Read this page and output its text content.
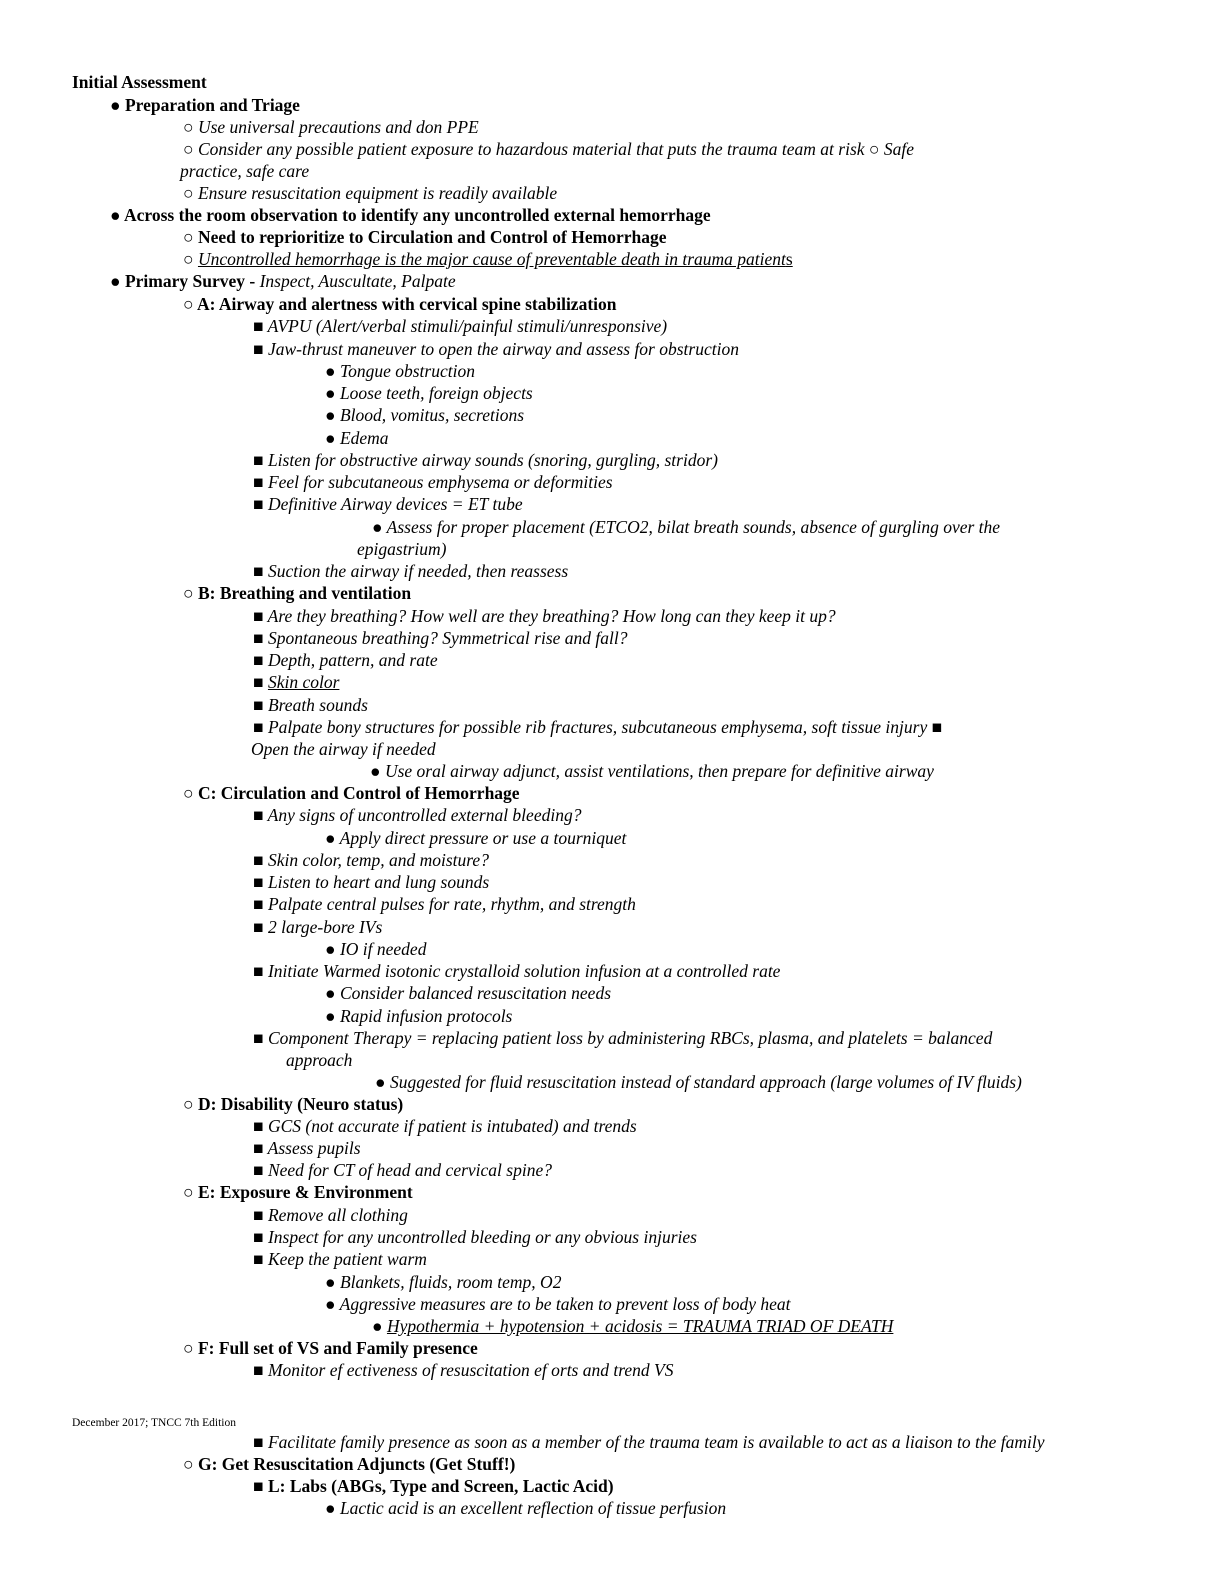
Initial Assessment
● Preparation and Triage
○ Use universal precautions and don PPE
○ Consider any possible patient exposure to hazardous material that puts the trauma team at risk ○ Safe
practice, safe care
○ Ensure resuscitation equipment is readily available
● Across the room observation to identify any uncontrolled external hemorrhage
○ Need to reprioritize to Circulation and Control of Hemorrhage
○ Uncontrolled hemorrhage is the major cause of preventable death in trauma patients
● Primary Survey - Inspect, Auscultate, Palpate
○ A: Airway and alertness with cervical spine stabilization
■ AVPU (Alert/verbal stimuli/painful stimuli/unresponsive)
■ Jaw-thrust maneuver to open the airway and assess for obstruction
● Tongue obstruction
● Loose teeth, foreign objects
● Blood, vomitus, secretions
● Edema
■ Listen for obstructive airway sounds (snoring, gurgling, stridor)
■ Feel for subcutaneous emphysema or deformities
■ Definitive Airway devices = ET tube
● Assess for proper placement (ETCO2, bilat breath sounds, absence of gurgling over the
epigastrium)
■ Suction the airway if needed, then reassess
○ B: Breathing and ventilation
■ Are they breathing? How well are they breathing? How long can they keep it up?
■ Spontaneous breathing? Symmetrical rise and fall?
■ Depth, pattern, and rate
■ Skin color
■ Breath sounds
■ Palpate bony structures for possible rib fractures, subcutaneous emphysema, soft tissue injury ■
Open the airway if needed
● Use oral airway adjunct, assist ventilations, then prepare for definitive airway
○ C: Circulation and Control of Hemorrhage
■ Any signs of uncontrolled external bleeding?
● Apply direct pressure or use a tourniquet
■ Skin color, temp, and moisture?
■ Listen to heart and lung sounds
■ Palpate central pulses for rate, rhythm, and strength
■ 2 large-bore IVs
● IO if needed
■ Initiate Warmed isotonic crystalloid solution infusion at a controlled rate
● Consider balanced resuscitation needs
● Rapid infusion protocols
■ Component Therapy = replacing patient loss by administering RBCs, plasma, and platelets = balanced
approach
● Suggested for fluid resuscitation instead of standard approach (large volumes of IV fluids)
○ D: Disability (Neuro status)
■ GCS (not accurate if patient is intubated) and trends
■ Assess pupils
■ Need for CT of head and cervical spine?
○ E: Exposure & Environment
■ Remove all clothing
■ Inspect for any uncontrolled bleeding or any obvious injuries
■ Keep the patient warm
● Blankets, fluids, room temp, O2
● Aggressive measures are to be taken to prevent loss of body heat
● Hypothermia + hypotension + acidosis = TRAUMA TRIAD OF DEATH
○ F: Full set of VS and Family presence
■ Monitor ef ectiveness of resuscitation ef orts and trend VS
December 2017; TNCC 7th Edition
■ Facilitate family presence as soon as a member of the trauma team is available to act as a liaison to the family
○ G: Get Resuscitation Adjuncts (Get Stuff!)
■ L: Labs (ABGs, Type and Screen, Lactic Acid)
● Lactic acid is an excellent reflection of tissue perfusion
